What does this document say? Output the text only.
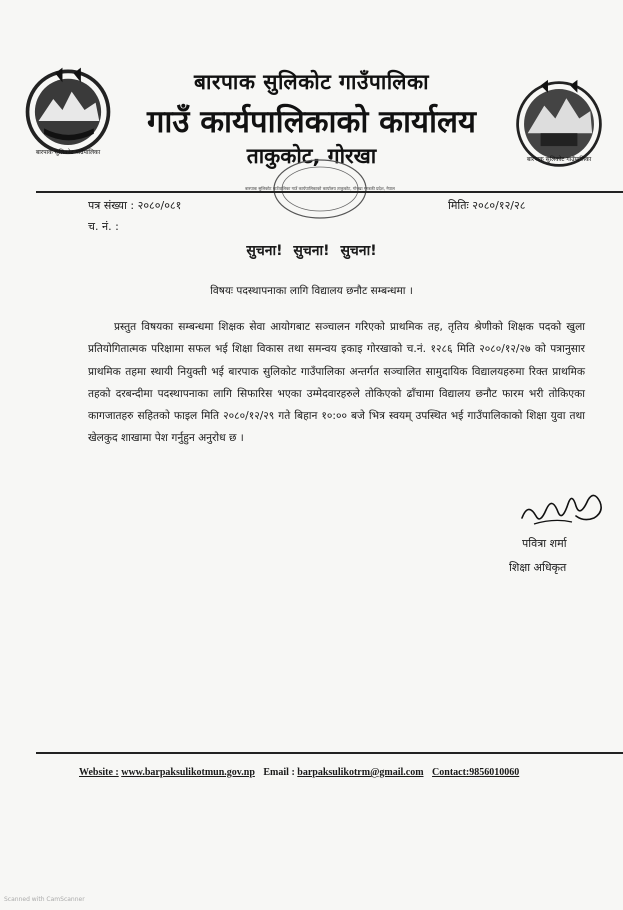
बारपाक सुलिकोट गाउँपालिका
बारपाक सुलिकोट गाउँपालिका
बारपाक सुलिकोट गाउँपालिका
गाउँ कार्यपालिकाको कार्यालय
ताकुकोट, गोरखा
बारपाक सुलिकोट गाउँपालिका गाउँ कार्यपालिकाको कार्यालय ताकुकोट, गोरखा गण्डकी प्रदेश, नेपाल
पत्र संख्या : २०८०/०८१
च. नं. :
मितिः २०८०/१२/२८
सुचना! सुचना! सुचना!
विषयः पदस्थापनाका लागि विद्यालय छनौट सम्बन्धमा ।
प्रस्तुत विषयका सम्बन्धमा शिक्षक सेवा आयोगबाट सञ्चालन गरिएको प्राथमिक तह, तृतिय श्रेणीको शिक्षक पदको खुला प्रतियोगितात्मक परिक्षामा सफल भई शिक्षा विकास तथा समन्वय इकाइ गोरखाको च.नं. १२८६ मिति २०८०/१२/२७ को पत्रानुसार प्राथमिक तहमा स्थायी नियुक्ती भई बारपाक सुलिकोट गाउँपालिका अन्तर्गत सञ्चालित सामुदायिक विद्यालयहरुमा रिक्त प्राथमिक तहको दरबन्दीमा पदस्थापनाका लागि सिफारिस भएका उम्मेदवारहरुले तोकिएको ढाँचामा विद्यालय छनौट फारम भरी तोकिएका कागजातहरु सहितको फाइल मिति २०८०/१२/२९ गते बिहान १०:०० बजे भित्र स्वयम् उपस्थित भई गाउँपालिकाको शिक्षा युवा तथा खेलकुद शाखामा पेश गर्नुहुन अनुरोध छ ।
पवित्रा शर्मा
शिक्षा अधिकृत
Website : www.barpaksulikotmun.gov.np Email : barpaksulikotrm@gmail.com Contact:9856010060
Scanned with CamScanner
